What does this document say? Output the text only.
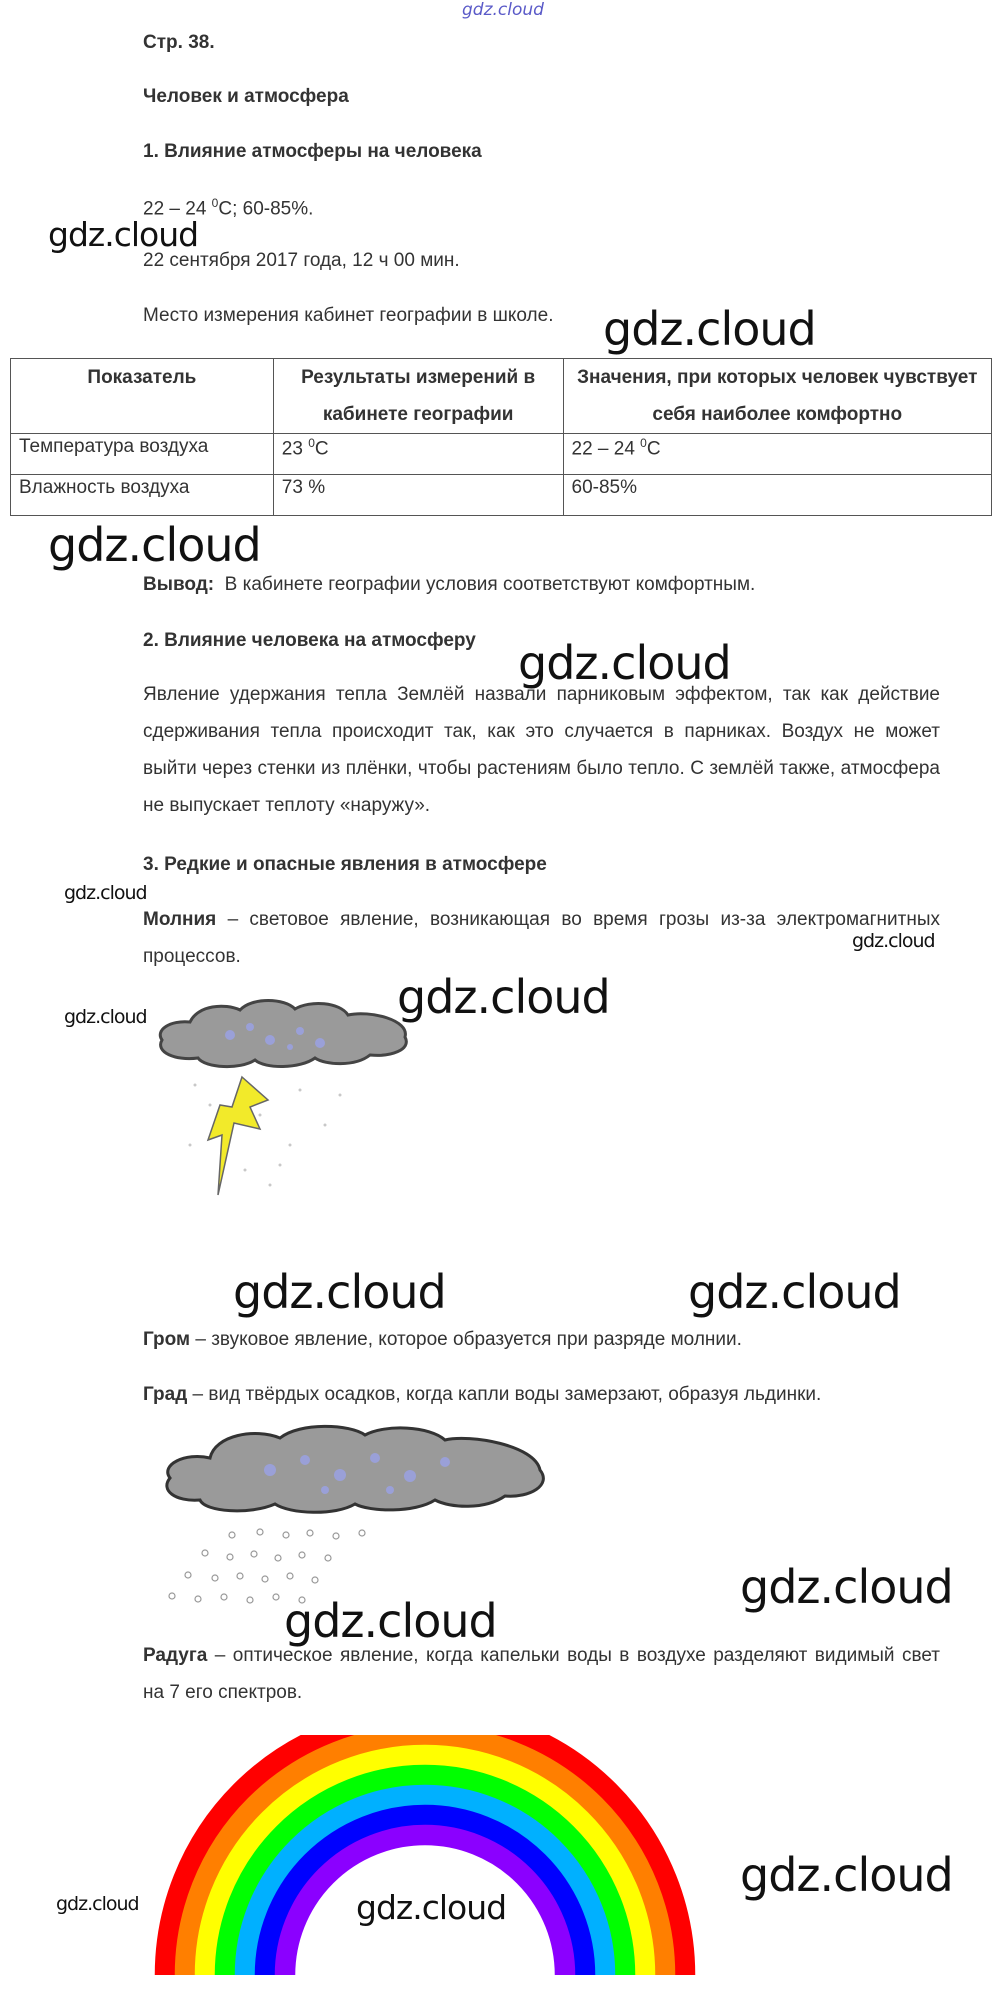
gdz.cloud
Стр. 38.
Человек и атмосфера
1. Влияние атмосферы на человека
22 – 24 $^0$С; 60-85%.
22 сентября 2017 года, 12 ч 00 мин.
Место измерения кабинет географии в школе.
Показатель	Результаты измерений в кабинете географии	Значения, при которых человек чувствует себя наиболее комфортно
Температура воздуха	23 $^0$С	22 – 24 $^0$С
Влажность воздуха	73 %	60-85%
Вывод:  В кабинете географии условия соответствуют комфортным.
2. Влияние человека на атмосферу
Явление удержания тепла Землёй назвали парниковым эффектом, так как действие сдерживания тепла происходит так, как это случается в парниках. Воздух не может выйти через стенки из плёнки, чтобы растениям было тепло. С землёй также, атмосфера не выпускает теплоту «наружу».
3. Редкие и опасные явления в атмосфере
Молния – световое явление, возникающая во время грозы из-за электромагнитных процессов.
Гром – звуковое явление, которое образуется при разряде молнии.
Град – вид твёрдых осадков, когда капли воды замерзают, образуя льдинки.
Радуга – оптическое явление, когда капельки воды в воздухе разделяют видимый свет на 7 его спектров.
gdz.cloud
gdz.cloud
gdz.cloud
gdz.cloud
gdz.cloud
gdz.cloud
gdz.cloud	gdz.cloud
gdz.cloud	gdz.cloud
gdz.cloud
gdz.cloud
gdz.cloud
gdz.cloud	gdz.cloud
